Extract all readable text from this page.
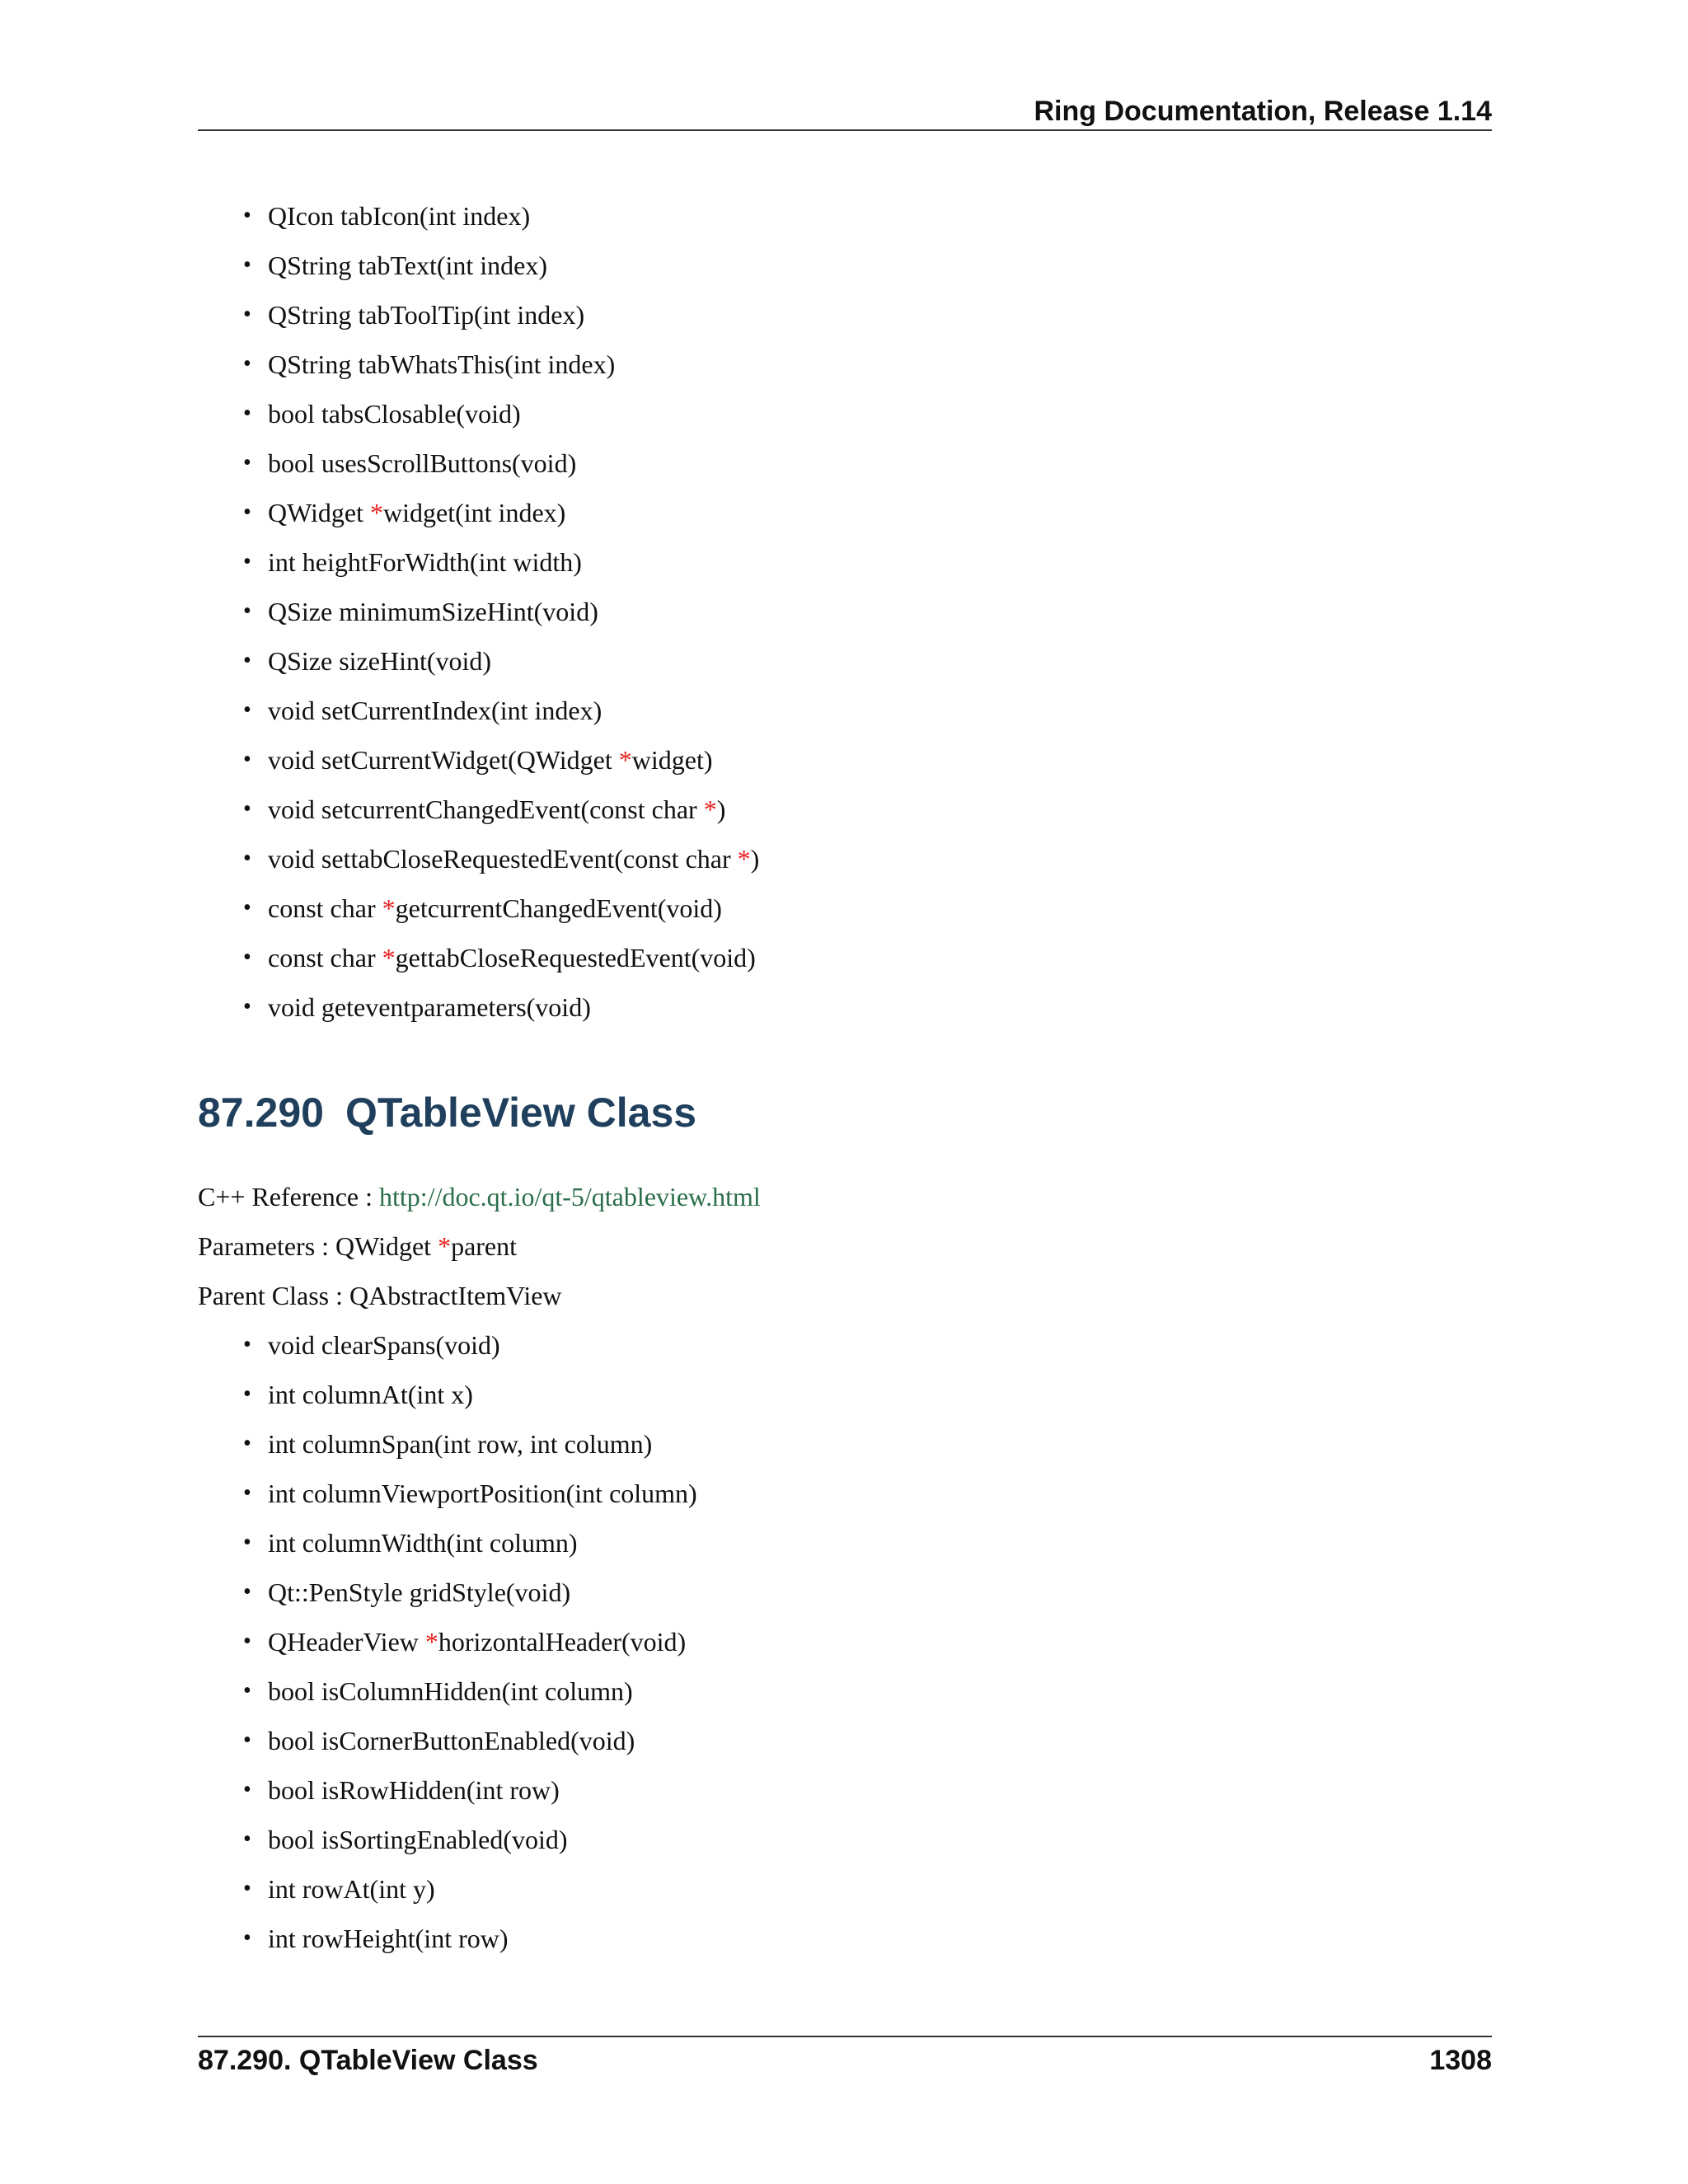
Ring Documentation, Release 1.14
• QIcon tabIcon(int index)
• QString tabText(int index)
• QString tabToolTip(int index)
• QString tabWhatsThis(int index)
• bool tabsClosable(void)
• bool usesScrollButtons(void)
• QWidget *widget(int index)
• int heightForWidth(int width)
• QSize minimumSizeHint(void)
• QSize sizeHint(void)
• void setCurrentIndex(int index)
• void setCurrentWidget(QWidget *widget)
• void setcurrentChangedEvent(const char *)
• void settabCloseRequestedEvent(const char *)
• const char *getcurrentChangedEvent(void)
• const char *gettabCloseRequestedEvent(void)
• void geteventparameters(void)
87.290 QTableView Class
C++ Reference : http://doc.qt.io/qt-5/qtableview.html
Parameters : QWidget *parent
Parent Class : QAbstractItemView
• void clearSpans(void)
• int columnAt(int x)
• int columnSpan(int row, int column)
• int columnViewportPosition(int column)
• int columnWidth(int column)
• Qt::PenStyle gridStyle(void)
• QHeaderView *horizontalHeader(void)
• bool isColumnHidden(int column)
• bool isCornerButtonEnabled(void)
• bool isRowHidden(int row)
• bool isSortingEnabled(void)
• int rowAt(int y)
• int rowHeight(int row)
87.290. QTableView Class	1308
